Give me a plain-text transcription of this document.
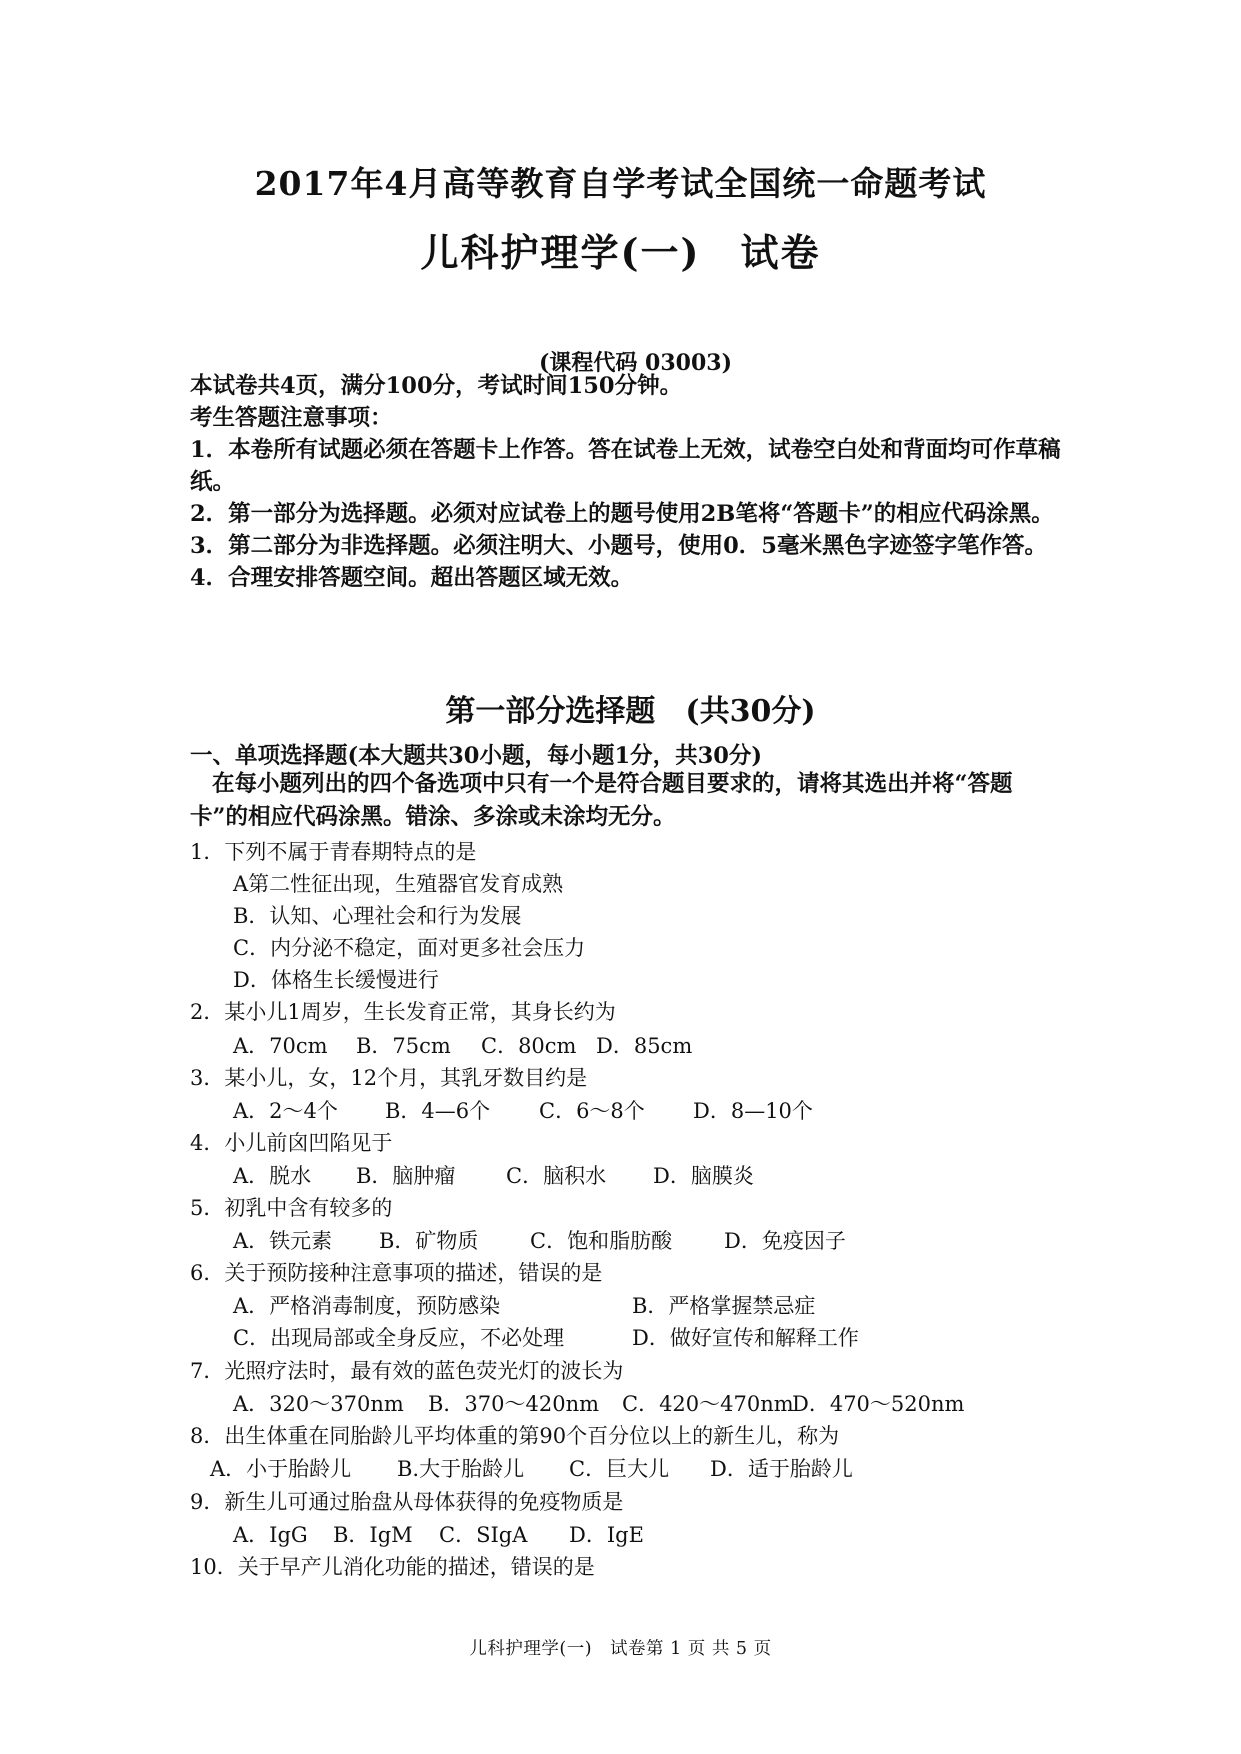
2017年4月高等教育自学考试全国统一命题考试
儿科护理学(一)　试卷
(课程代码 03003)
本试卷共4页，满分100分，考试时间150分钟。
考生答题注意事项：
1．本卷所有试题必须在答题卡上作答。答在试卷上无效，试卷空白处和背面均可作草稿纸。
2．第一部分为选择题。必须对应试卷上的题号使用2B笔将“答题卡”的相应代码涂黑。
3．第二部分为非选择题。必须注明大、小题号，使用0．5毫米黑色字迹签字笔作答。
4．合理安排答题空间。超出答题区域无效。
第一部分选择题　(共30分)
一、单项选择题(本大题共30小题，每小题1分，共30分)
在每小题列出的四个备选项中只有一个是符合题目要求的，请将其选出并将“答题卡”的相应代码涂黑。错涂、多涂或未涂均无分。
1．下列不属于青春期特点的是
A第二性征出现，生殖器官发育成熟
B．认知、心理社会和行为发展
C．内分泌不稳定，面对更多社会压力
D．体格生长缓慢进行
2．某小儿1周岁，生长发育正常，其身长约为
A．70cm B．75cm C．80cm D．85cm
3．某小儿，女，12个月，其乳牙数目约是
A．2～4个 B．4—6个 C．6～8个 D．8—10个
4．小儿前囟凹陷见于
A．脱水 B．脑肿瘤 C．脑积水 D．脑膜炎
5．初乳中含有较多的
A．铁元素 B．矿物质 C．饱和脂肪酸 D．免疫因子
6．关于预防接种注意事项的描述，错误的是
A．严格消毒制度，预防感染	B．严格掌握禁忌症
C．出现局部或全身反应，不必处理	D．做好宣传和解释工作
7．光照疗法时，最有效的蓝色荧光灯的波长为
A．320～370nm B．370～420nm C．420～470nm
D．470～520nm
8．出生体重在同胎龄儿平均体重的第90个百分位以上的新生儿，称为
A．小于胎龄儿 B.大于胎龄儿 C．巨大儿 D．适于胎龄儿
9．新生儿可通过胎盘从母体获得的免疫物质是
A．IgG B．IgM C．SIgA D．IgE
10．关于早产儿消化功能的描述，错误的是
儿科护理学(一)　试卷第 1 页 共 5 页
